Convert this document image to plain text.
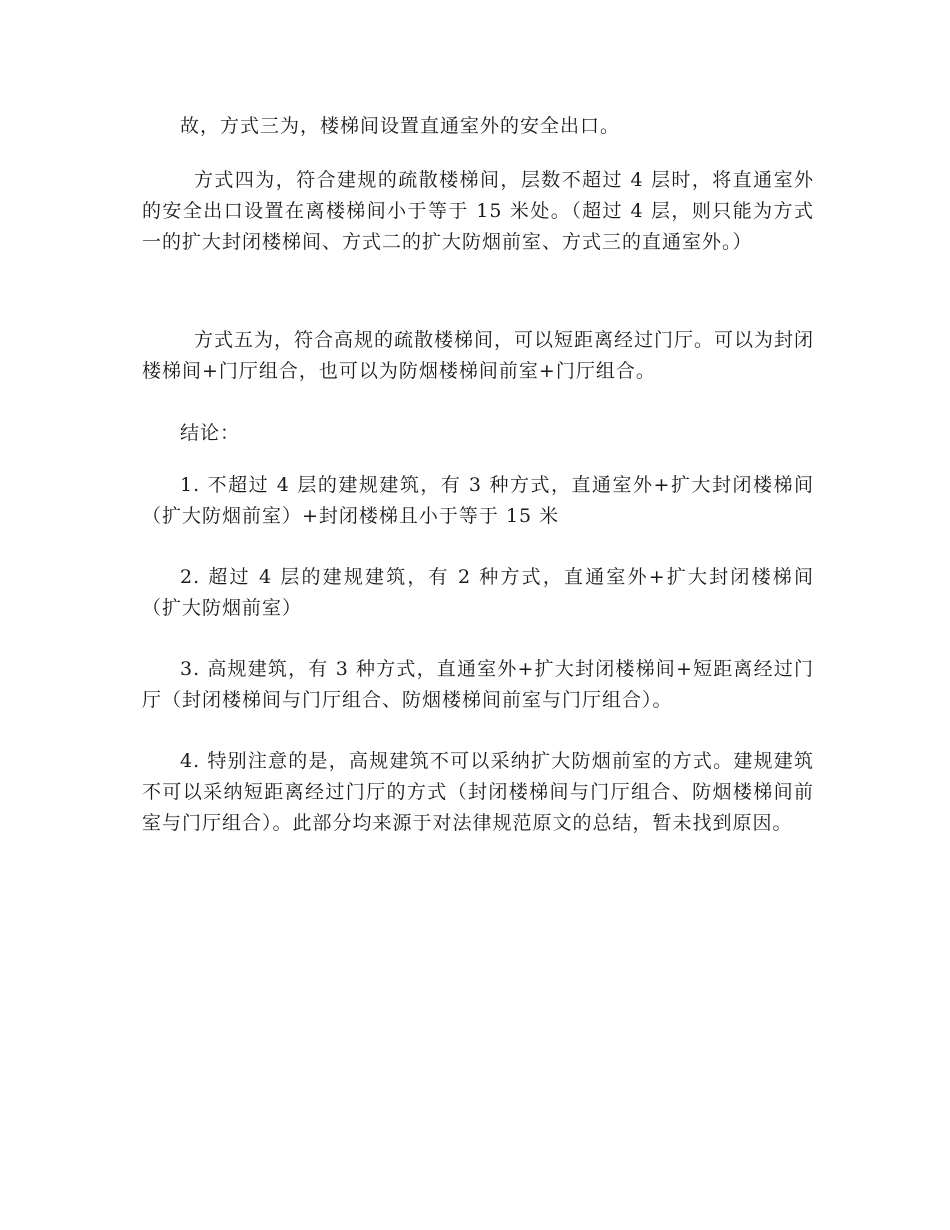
故，方式三为，楼梯间设置直通室外的安全出口。

方式四为，符合建规的疏散楼梯间，层数不超过 4 层时，将直通室外的安全出口设置在离楼梯间小于等于 15 米处。（超过 4 层，则只能为方式一的扩大封闭楼梯间、方式二的扩大防烟前室、方式三的直通室外。）

方式五为，符合高规的疏散楼梯间，可以短距离经过门厅。可以为封闭楼梯间+门厅组合，也可以为防烟楼梯间前室+门厅组合。

结论：

1. 不超过 4 层的建规建筑，有 3 种方式，直通室外+扩大封闭楼梯间（扩大防烟前室）+封闭楼梯且小于等于 15 米

2. 超过 4 层的建规建筑，有 2 种方式，直通室外+扩大封闭楼梯间（扩大防烟前室）

3. 高规建筑，有 3 种方式，直通室外+扩大封闭楼梯间+短距离经过门厅（封闭楼梯间与门厅组合、防烟楼梯间前室与门厅组合）。

4. 特别注意的是，高规建筑不可以采纳扩大防烟前室的方式。建规建筑不可以采纳短距离经过门厅的方式（封闭楼梯间与门厅组合、防烟楼梯间前室与门厅组合）。此部分均来源于对法律规范原文的总结，暂未找到原因。
